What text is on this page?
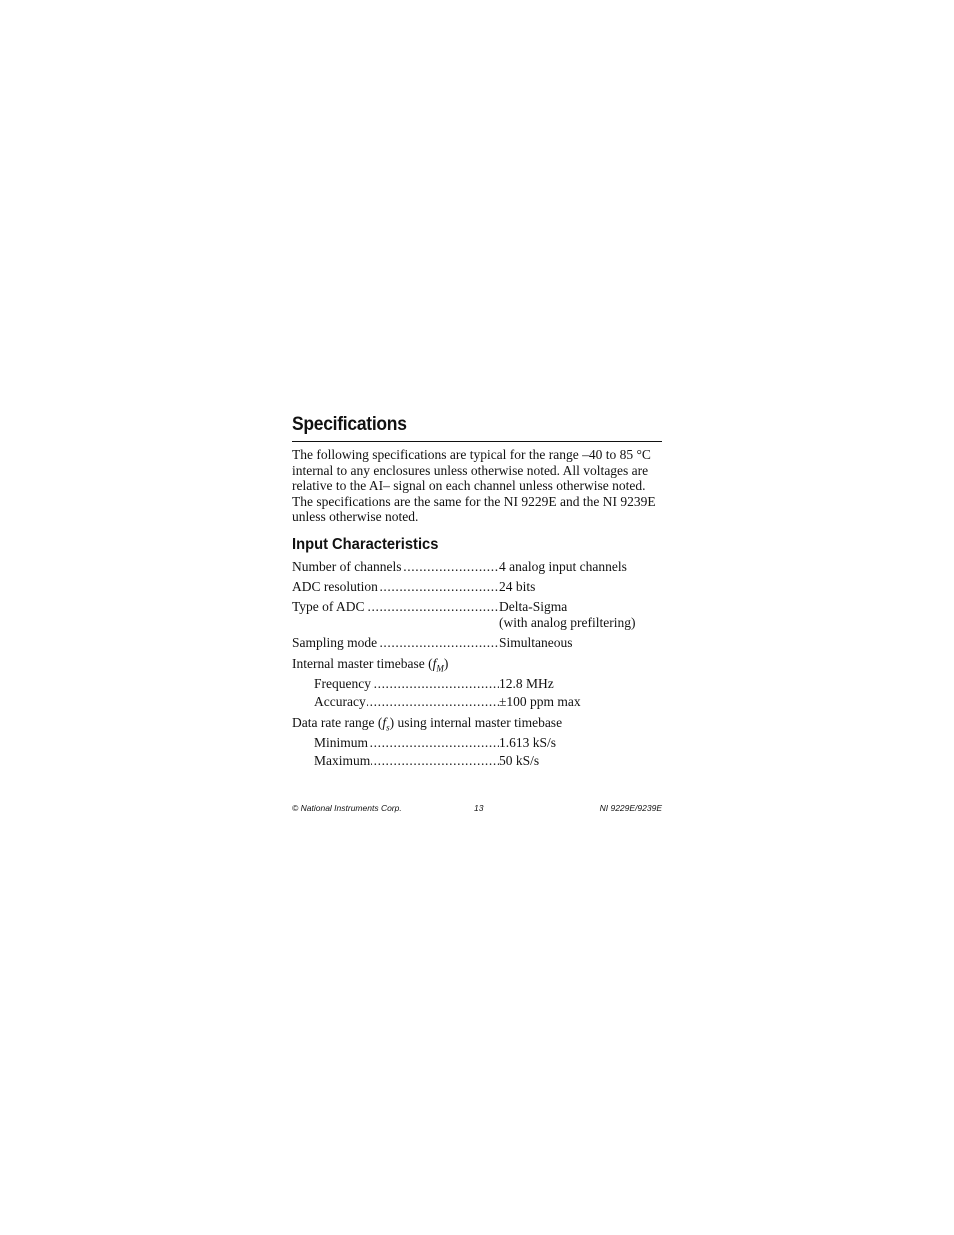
Specifications
The following specifications are typical for the range –40 to 85 °C internal to any enclosures unless otherwise noted. All voltages are relative to the AI– signal on each channel unless otherwise noted. The specifications are the same for the NI 9229E and the NI 9239E unless otherwise noted.
Input Characteristics
Number of channels .....	4 analog input channels
ADC resolution .....	24 bits
Type of ADC .....	Delta-Sigma
(with analog prefiltering)
Sampling mode .....	Simultaneous
Internal master timebase $(f_M)$
Frequency .....	12.8 MHz
Accuracy .....	±100 ppm max
Data rate range $(f_s)$ using internal master timebase
Minimum .....	1.613 kS/s
Maximum .....	50 kS/s
© National Instruments Corp.	13	NI 9229E/9239E
